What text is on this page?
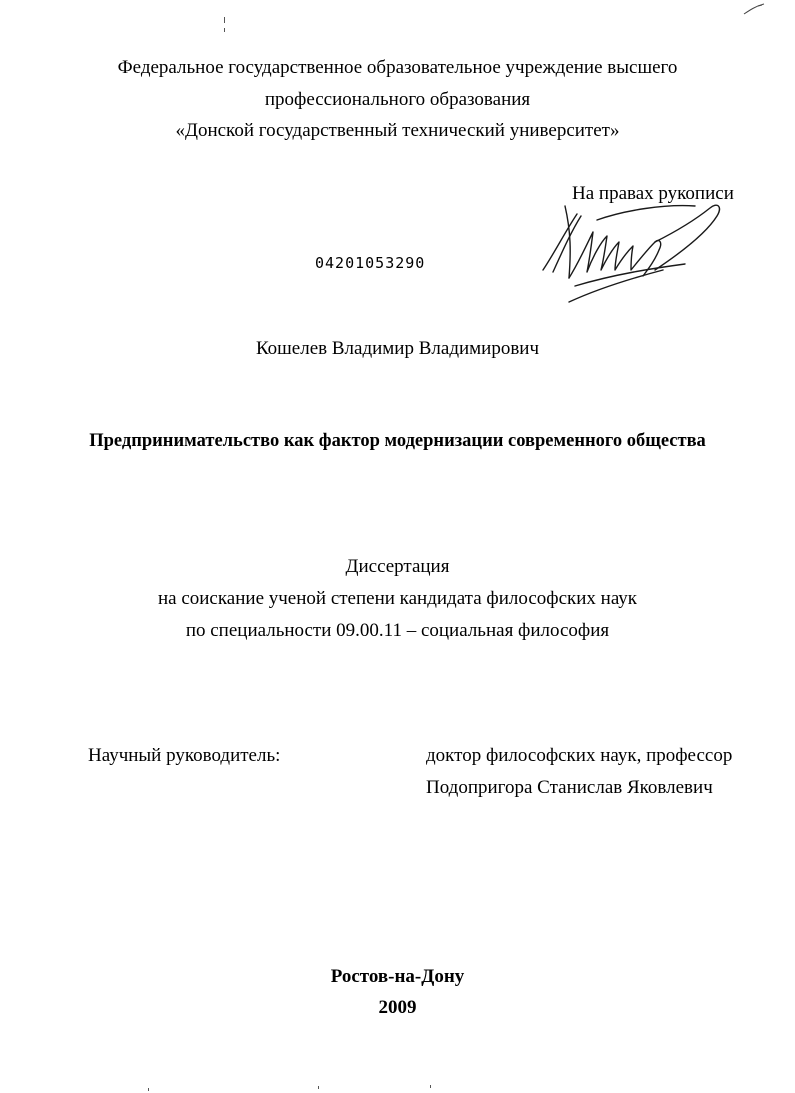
Федеральное государственное образовательное учреждение высшего
профессионального образования
«Донской государственный технический университет»
На правах рукописи
04201053290
Кошелев Владимир Владимирович
Предпринимательство как фактор модернизации современного общества
Диссертация
на соискание ученой степени кандидата философских наук
по специальности 09.00.11 – социальная философия
Научный руководитель:	доктор философских наук, профессор
Подопригора Станислав Яковлевич
Ростов-на-Дону
2009
